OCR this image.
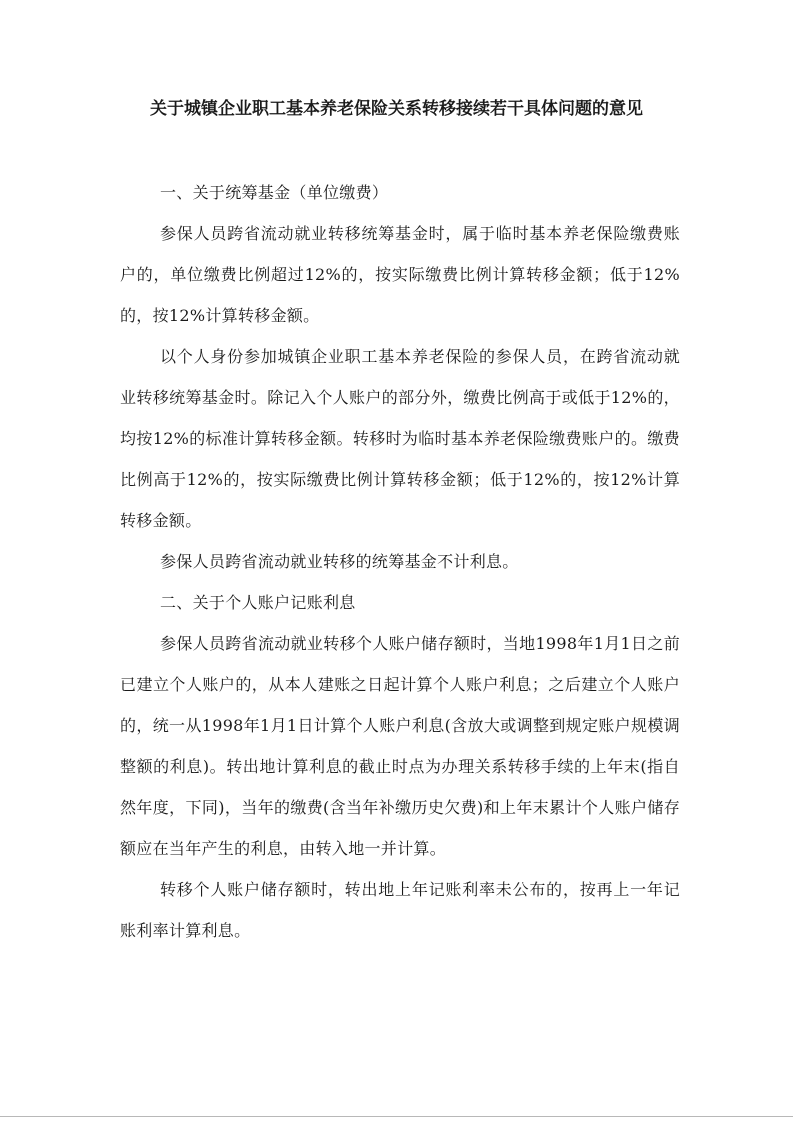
关于城镇企业职工基本养老保险关系转移接续若干具体问题的意见

一、关于统筹基金（单位缴费）

参保人员跨省流动就业转移统筹基金时，属于临时基本养老保险缴费账户的，单位缴费比例超过12%的，按实际缴费比例计算转移金额；低于12%的，按12%计算转移金额。

以个人身份参加城镇企业职工基本养老保险的参保人员，在跨省流动就业转移统筹基金时。除记入个人账户的部分外，缴费比例高于或低于12%的，均按12%的标准计算转移金额。转移时为临时基本养老保险缴费账户的。缴费比例高于12%的，按实际缴费比例计算转移金额；低于12%的，按12%计算转移金额。

参保人员跨省流动就业转移的统筹基金不计利息。

二、关于个人账户记账利息

参保人员跨省流动就业转移个人账户储存额时，当地1998年1月1日之前已建立个人账户的，从本人建账之日起计算个人账户利息；之后建立个人账户的，统一从1998年1月1日计算个人账户利息(含放大或调整到规定账户规模调整额的利息)。转出地计算利息的截止时点为办理关系转移手续的上年末(指自然年度，下同)，当年的缴费(含当年补缴历史欠费)和上年末累计个人账户储存额应在当年产生的利息，由转入地一并计算。

转移个人账户储存额时，转出地上年记账利率未公布的，按再上一年记账利率计算利息。
